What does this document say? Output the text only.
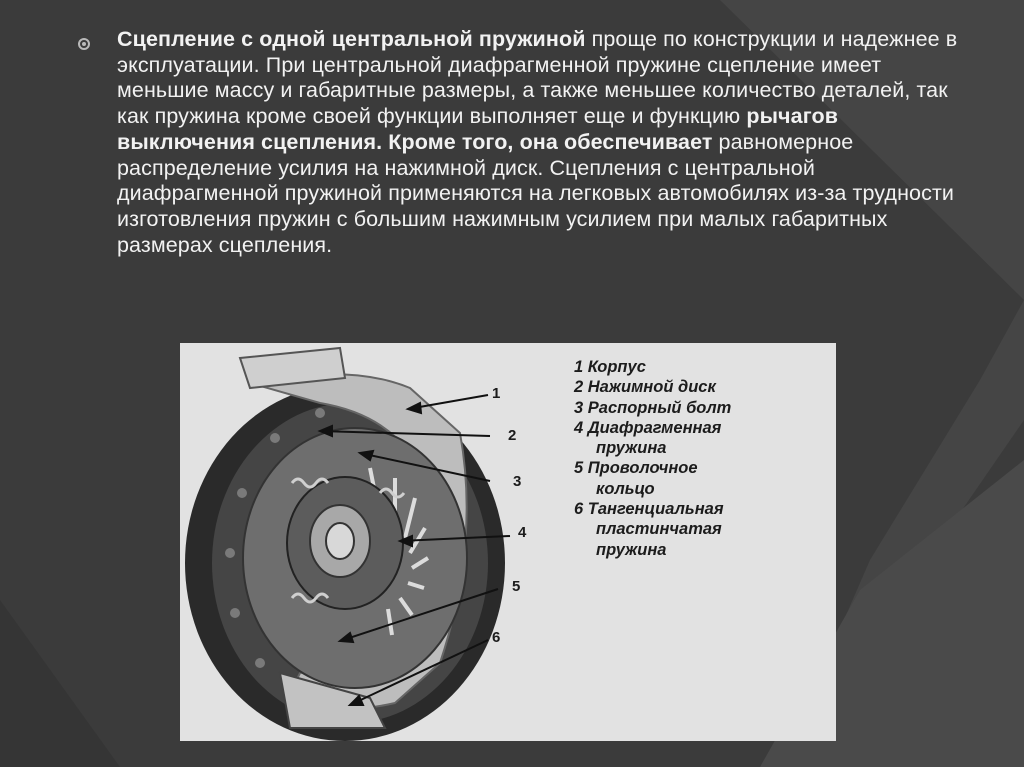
Сцепление с одной центральной пружиной проще по конструкции и надежнее в эксплуатации. При центральной диафрагменной пружине сцепление имеет меньшие массу и габаритные размеры, а также меньшее количество деталей, так как пружина кроме своей функции выполняет еще и функцию рычагов выключения сцепления. Кроме того, она обеспечивает равномерное распределение усилия на нажимной диск. Сцепления с центральной диафрагменной пружиной применяются на легковых автомобилях из-за трудности изготовления пружин с большим нажимным усилием при малых габаритных размерах сцепления.
1
2
3
4
5
6
1 Корпус
2 Нажимной диск
3 Распорный болт
4 Диафрагменная
пружина
5 Проволочное
кольцо
6 Тангенциальная
пластинчатая
пружина
